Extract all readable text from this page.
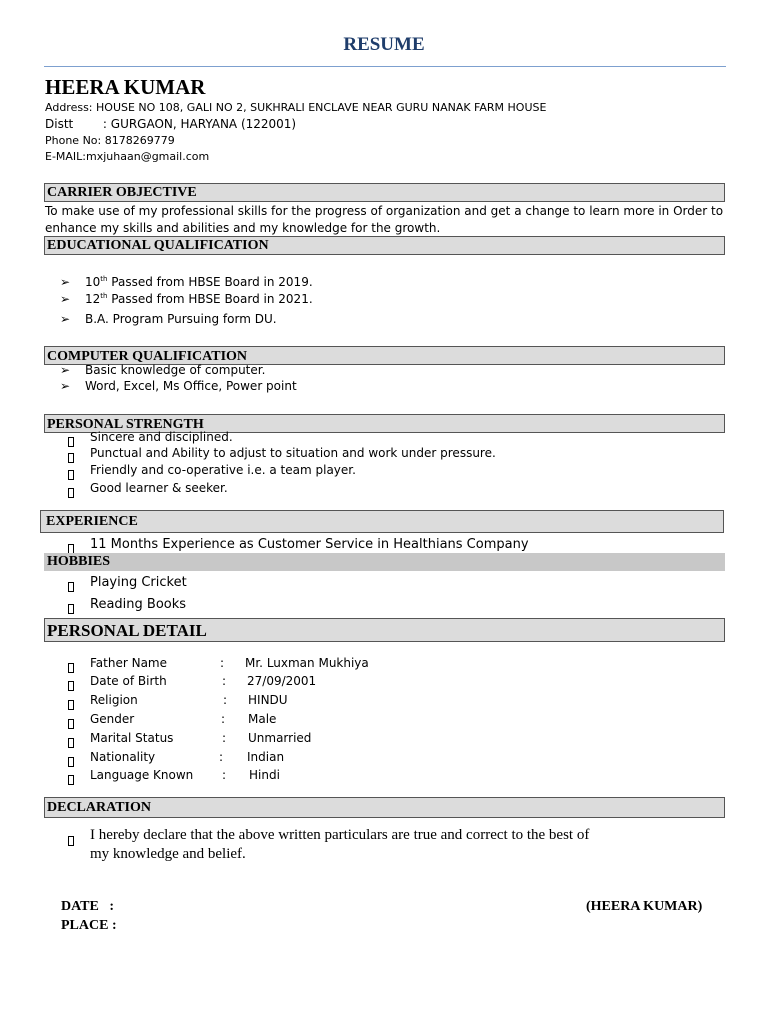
RESUME
HEERA KUMAR
Address: HOUSE NO 108, GALI NO 2, SUKHRALI ENCLAVE NEAR GURU NANAK FARM HOUSE
Distt : GURGAON, HARYANA (122001)
Phone No: 8178269779
E-MAIL:mxjuhaan@gmail.com
CARRIER OBJECTIVE
To make use of my professional skills for the progress of organization and get a change to learn more in Order to
enhance my skills and abilities and my knowledge for the growth.
EDUCATIONAL QUALIFICATION
➢ 10th Passed from HBSE Board in 2019.
➢ 12th Passed from HBSE Board in 2021.
➢ B.A. Program Pursuing form DU.
COMPUTER QUALIFICATION
➢ Basic knowledge of computer.
➢ Word, Excel, Ms Office, Power point
PERSONAL STRENGTH
Sincere and disciplined.
Punctual and Ability to adjust to situation and work under pressure.
Friendly and co-operative i.e. a team player.
Good learner & seeker.
EXPERIENCE
11 Months Experience as Customer Service in Healthians Company
HOBBIES
Playing Cricket
Reading Books
PERSONAL DETAIL
Father Name	: Mr. Luxman Mukhiya
Date of Birth	: 27/09/2001
Religion	: HINDU
Gender	: Male
Marital Status	: Unmarried
Nationality	: Indian
Language Known : Hindi
DECLARATION
I hereby declare that the above written particulars are true and correct to the best of
my knowledge and belief.
DATE   :
PLACE :
(HEERA KUMAR)
